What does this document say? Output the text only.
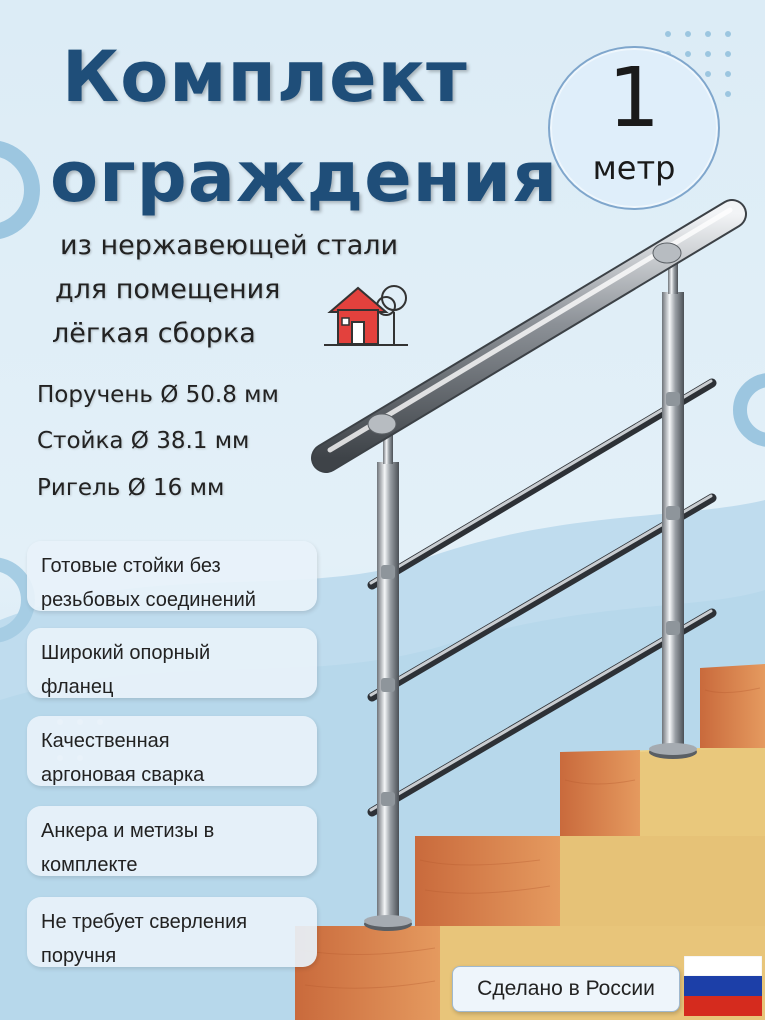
Комплект
ограждения
1
метр
из нержавеющей стали
для помещения
лёгкая сборка
Поручень Ø 50.8 мм
Стойка Ø 38.1 мм
Ригель Ø 16 мм
Готовые стойки без
резьбовых соединений
Широкий опорный
фланец
Качественная
аргоновая сварка
Анкера и метизы в
комплекте
Не требует сверления
поручня
Сделано в России
